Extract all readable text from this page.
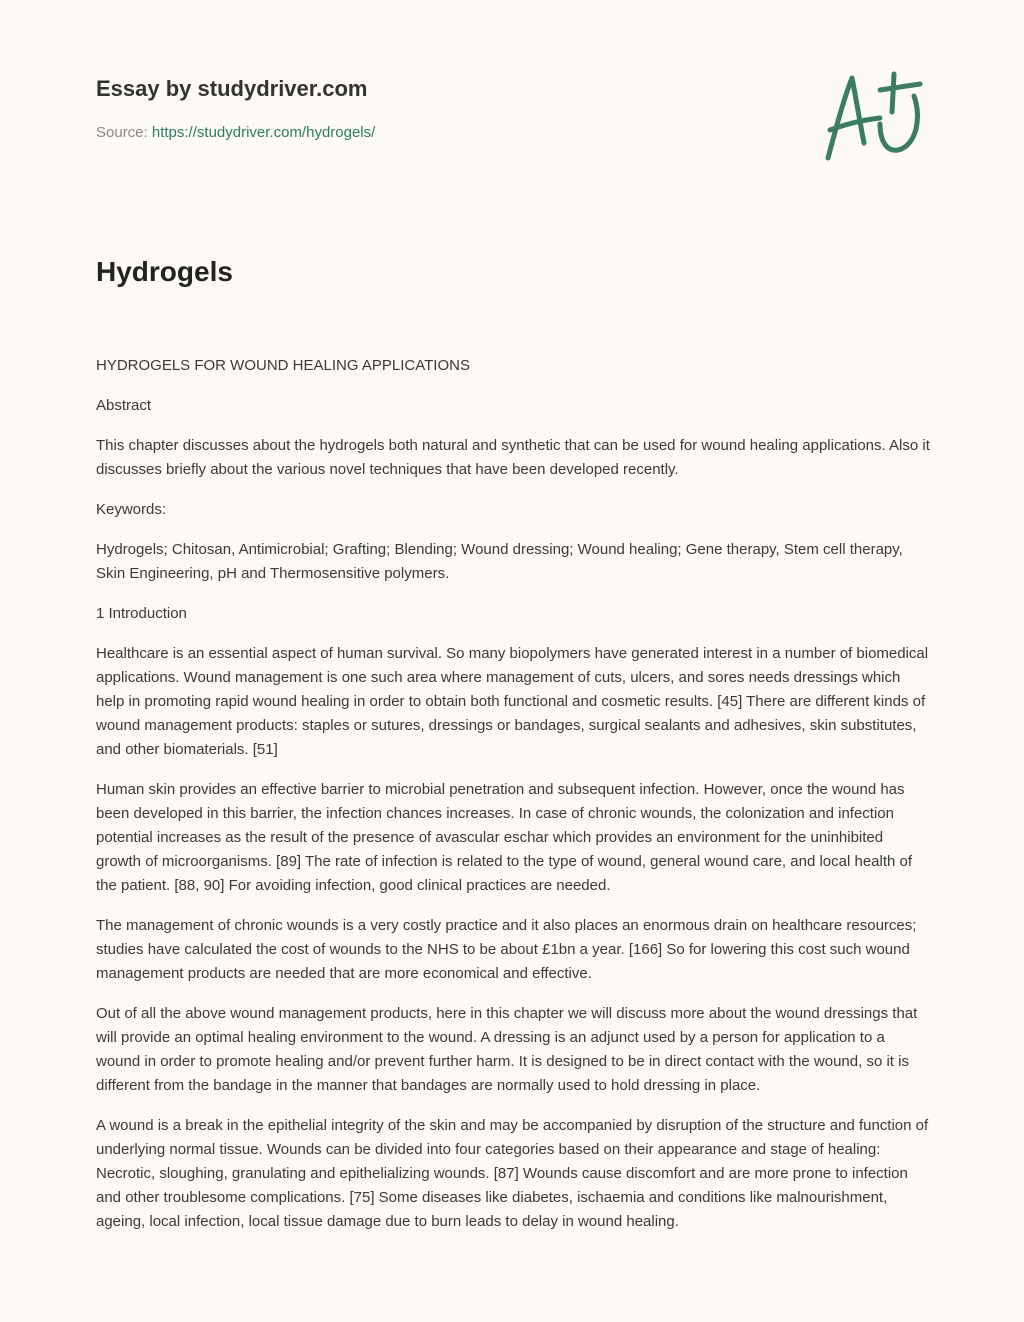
Essay by studydriver.com
Source: https://studydriver.com/hydrogels/
Hydrogels

HYDROGELS FOR WOUND HEALING APPLICATIONS

Abstract

This chapter discusses about the hydrogels both natural and synthetic that can be used for wound healing applications. Also it discusses briefly about the various novel techniques that have been developed recently.

Keywords:

Hydrogels; Chitosan, Antimicrobial; Grafting; Blending; Wound dressing; Wound healing; Gene therapy, Stem cell therapy, Skin Engineering, pH and Thermosensitive polymers.

1 Introduction

Healthcare is an essential aspect of human survival. So many biopolymers have generated interest in a number of biomedical applications. Wound management is one such area where management of cuts, ulcers, and sores needs dressings which help in promoting rapid wound healing in order to obtain both functional and cosmetic results. [45] There are different kinds of wound management products: staples or sutures, dressings or bandages, surgical sealants and adhesives, skin substitutes, and other biomaterials. [51]

Human skin provides an effective barrier to microbial penetration and subsequent infection. However, once the wound has been developed in this barrier, the infection chances increases. In case of chronic wounds, the colonization and infection potential increases as the result of the presence of avascular eschar which provides an environment for the uninhibited growth of microorganisms. [89] The rate of infection is related to the type of wound, general wound care, and local health of the patient. [88, 90] For avoiding infection, good clinical practices are needed.

The management of chronic wounds is a very costly practice and it also places an enormous drain on healthcare resources; studies have calculated the cost of wounds to the NHS to be about £1bn a year. [166] So for lowering this cost such wound management products are needed that are more economical and effective.

Out of all the above wound management products, here in this chapter we will discuss more about the wound dressings that will provide an optimal healing environment to the wound. A dressing is an adjunct used by a person for application to a wound in order to promote healing and/or prevent further harm. It is designed to be in direct contact with the wound, so it is different from the bandage in the manner that bandages are normally used to hold dressing in place.

A wound is a break in the epithelial integrity of the skin and may be accompanied by disruption of the structure and function of underlying normal tissue. Wounds can be divided into four categories based on their appearance and stage of healing: Necrotic, sloughing, granulating and epithelializing wounds. [87] Wounds cause discomfort and are more prone to infection and other troublesome complications. [75] Some diseases like diabetes, ischaemia and conditions like malnourishment, ageing, local infection, local tissue damage due to burn leads to delay in wound healing.
